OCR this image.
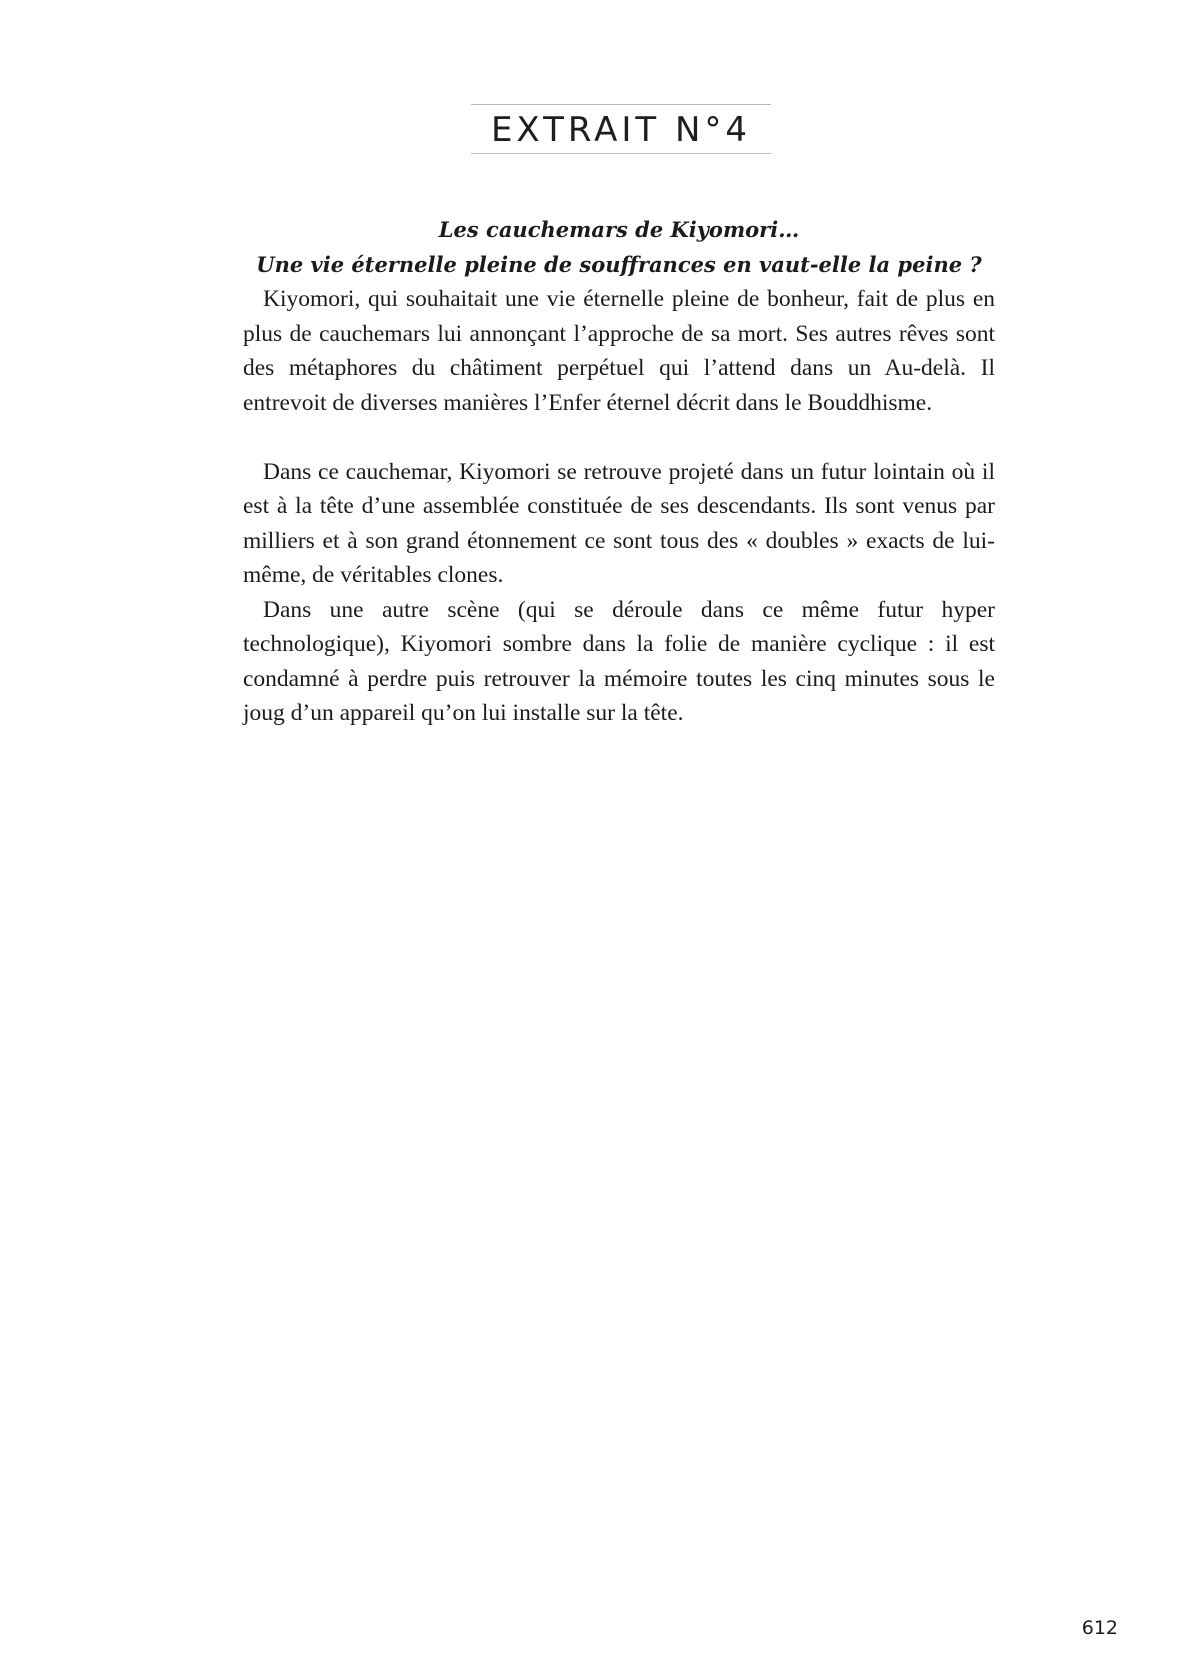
EXTRAIT N°4

Les cauchemars de Kiyomori…

Une vie éternelle pleine de souffrances en vaut-elle la peine ?

Kiyomori, qui souhaitait une vie éternelle pleine de bonheur, fait de plus en plus de cauchemars lui annonçant l’approche de sa mort. Ses autres rêves sont des métaphores du châtiment perpétuel qui l’attend dans un Au-delà. Il entrevoit de diverses manières l’Enfer éternel décrit dans le Bouddhisme.

Dans ce cauchemar, Kiyomori se retrouve projeté dans un futur lointain où il est à la tête d’une assemblée constituée de ses descendants. Ils sont venus par milliers et à son grand étonnement ce sont tous des « doubles » exacts de lui-même, de véritables clones.

Dans une autre scène (qui se déroule dans ce même futur hyper technologique), Kiyomori sombre dans la folie de manière cyclique : il est condamné à perdre puis retrouver la mémoire toutes les cinq minutes sous le joug d’un appareil qu’on lui installe sur la tête.

612
